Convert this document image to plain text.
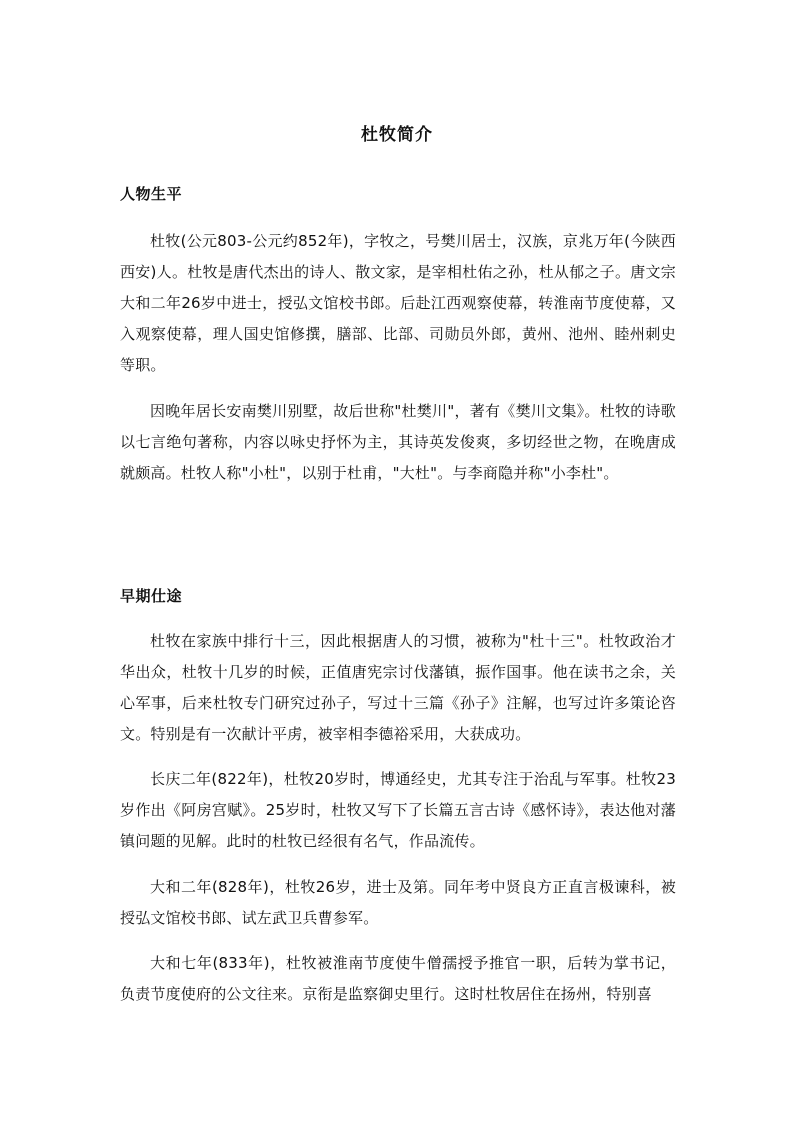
杜牧简介
人物生平
杜牧(公元803-公元约852年)，字牧之，号樊川居士，汉族，京兆万年(今陕西西安)人。杜牧是唐代杰出的诗人、散文家，是宰相杜佑之孙，杜从郁之子。唐文宗大和二年26岁中进士，授弘文馆校书郎。后赴江西观察使幕，转淮南节度使幕，又入观察使幕，理人国史馆修撰，膳部、比部、司勋员外郎，黄州、池州、睦州刺史等职。
因晚年居长安南樊川别墅，故后世称"杜樊川"，著有《樊川文集》。杜牧的诗歌以七言绝句著称，内容以咏史抒怀为主，其诗英发俊爽，多切经世之物，在晚唐成就颇高。杜牧人称"小杜"，以别于杜甫，"大杜"。与李商隐并称"小李杜"。
早期仕途
杜牧在家族中排行十三，因此根据唐人的习惯，被称为"杜十三"。杜牧政治才华出众，杜牧十几岁的时候，正值唐宪宗讨伐藩镇，振作国事。他在读书之余，关心军事，后来杜牧专门研究过孙子，写过十三篇《孙子》注解，也写过许多策论咨文。特别是有一次献计平虏，被宰相李德裕采用，大获成功。
长庆二年(822年)，杜牧20岁时，博通经史，尤其专注于治乱与军事。杜牧23岁作出《阿房宫赋》。25岁时，杜牧又写下了长篇五言古诗《感怀诗》，表达他对藩镇问题的见解。此时的杜牧已经很有名气，作品流传。
大和二年(828年)，杜牧26岁，进士及第。同年考中贤良方正直言极谏科，被授弘文馆校书郎、试左武卫兵曹参军。
大和七年(833年)，杜牧被淮南节度使牛僧孺授予推官一职，后转为掌书记，负责节度使府的公文往来。京衔是监察御史里行。这时杜牧居住在扬州，特别喜
